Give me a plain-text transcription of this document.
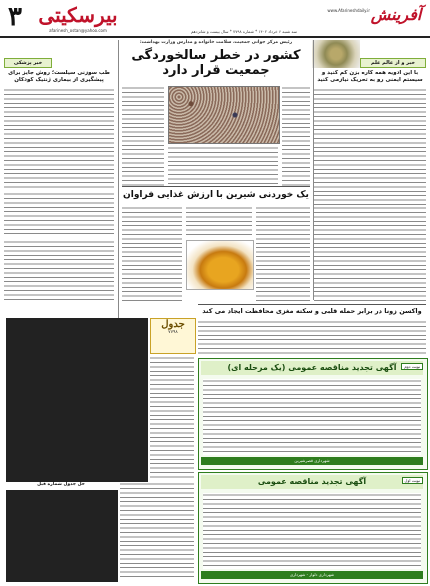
۳ بیرسکیتی
afarinesh_ostan@yahoo.com
آفرینش
www.Afarineshdaily.ir
سه شنبه ۶ خرداد ۱۴۰۲ * شماره ۷۷۹۸ * سال بیست و شانزدهم
خبر و از عالم علم
با این ادویه همه کاره بزن کم کنید و سیستم ایمنی رو به تحریک نیازمی کنید
خبر پزشکی
طب سوزنی سیلست؛ روش جایز برای پیشگیری از بیماری ژنتیک کودکان
رئیس مرکز جوانی جمعیت، سلامت خانواده و مدارس وزارت بهداشت:
کشور در خطر سالخوردگی جمعیت قرار دارد
یک خوردنی شیرین با ارزش غذایی فراوان
واکسن زونا در برابر حمله قلبی و سکته مغزی محافظت ایجاد می کند
جدول
۷۷۹۸
حل جدول شماره قبل
آگهی تجدید مناقصه عمومی (یک مرحله ای)	نوبت دوم
شهرداری قصرشیرین
آگهی تجدید مناقصه عمومی	نوبت اول
شهرداری دلوار - شهرداری
